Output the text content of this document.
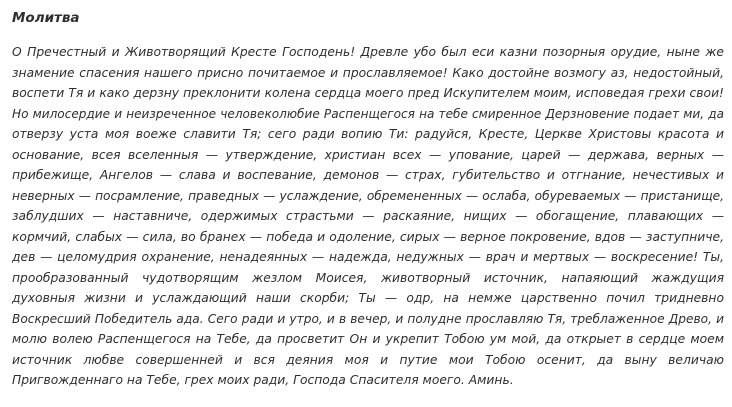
Молитва
О Пречестный и Животворящий Кресте Господень! Древле убо был еси казни позорныя орудие, ныне же
знамение спасения нашего присно почитаемое и прославляемое! Како достойне возмогу аз, недостойный,
воспети Тя и како дерзну преклонити колена сердца моего пред Искупителем моим, исповедая грехи свои!
Но милосердие и неизреченное человеколюбие Распенщегося на тебе смиренное Дерзновение подает ми, да
отверзу уста моя воеже славити Тя; сего ради вопию Ти: радуйся, Кресте, Церкве Христовы красота и
основание, всея вселенныя — утверждение, христиан всех — упование, царей — держава, верных —
прибежище, Ангелов — слава и воспевание, демонов — страх, губительство и отгнание, нечестивых и
неверных — посрамление, праведных — услаждение, обремененных — ослаба, обуреваемых — пристанище,
заблудших — наставниче, одержимых страстьми — раскаяние, нищих — обогащение, плавающих —
кормчий, слабых — сила, во бранех — победа и одоление, сирых — верное покровение, вдов — заступниче,
дев — целомудрия охранение, ненадеянных — надежда, недужных — врач и мертвых — воскресение! Ты,
прообразованный чудотворящим жезлом Моисея, животворный источник, напаяющий жаждущия
духовныя жизни и услаждающий наши скорби; Ты — одр, на немже царственно почил тридневно
Воскресший Победитель ада. Сего ради и утро, и в вечер, и полудне прославляю Тя, треблаженное Древо, и
молю волею Распенщегося на Тебе, да просветит Он и укрепит Тобою ум мой, да открыет в сердце моем
источник любве совершенней и вся деяния моя и путие мои Тобою осенит, да выну величаю
Пригвожденнаго на Тебе, грех моих ради, Господа Спасителя моего. Аминь.
